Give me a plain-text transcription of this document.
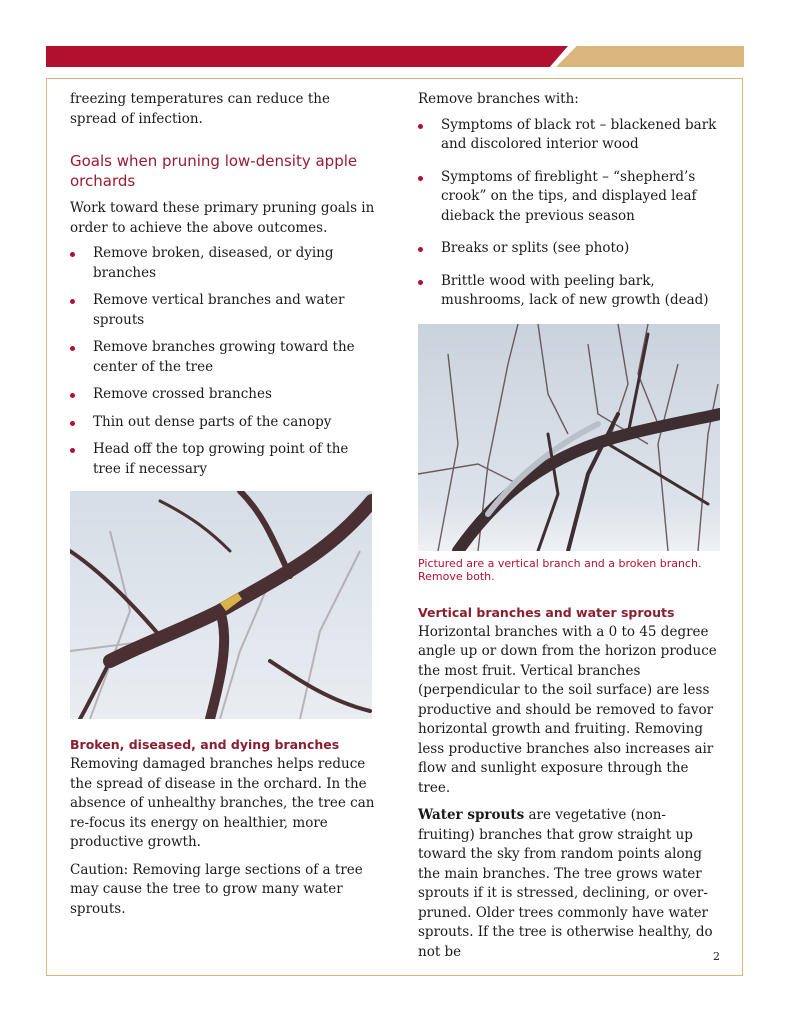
freezing temperatures can reduce the spread of infection.

Goals when pruning low-density apple orchards

Work toward these primary pruning goals in order to achieve the above outcomes.

Remove broken, diseased, or dying branches
Remove vertical branches and water sprouts
Remove branches growing toward the center of the tree
Remove crossed branches
Thin out dense parts of the canopy
Head off the top growing point of the tree if necessary
Broken, diseased, and dying branches

Removing damaged branches helps reduce the spread of disease in the orchard. In the absence of unhealthy branches, the tree can re-focus its energy on healthier, more productive growth.

Caution: Removing large sections of a tree may cause the tree to grow many water sprouts.

Remove branches with:

Symptoms of black rot – blackened bark and discolored interior wood
Symptoms of fireblight – “shepherd’s crook” on the tips, and displayed leaf dieback the previous season
Breaks or splits (see photo)
Brittle wood with peeling bark, mushrooms, lack of new growth (dead)
Pictured are a vertical branch and a broken branch. Remove both.
Vertical branches and water sprouts

Horizontal branches with a 0 to 45 degree angle up or down from the horizon produce the most fruit. Vertical branches (perpendicular to the soil surface) are less productive and should be removed to favor horizontal growth and fruiting. Removing less productive branches also increases air flow and sunlight exposure through the tree.

Water sprouts are vegetative (non-fruiting) branches that grow straight up toward the sky from random points along the main branches. The tree grows water sprouts if it is stressed, declining, or over-pruned. Older trees commonly have water sprouts. If the tree is otherwise healthy, do not be	2
